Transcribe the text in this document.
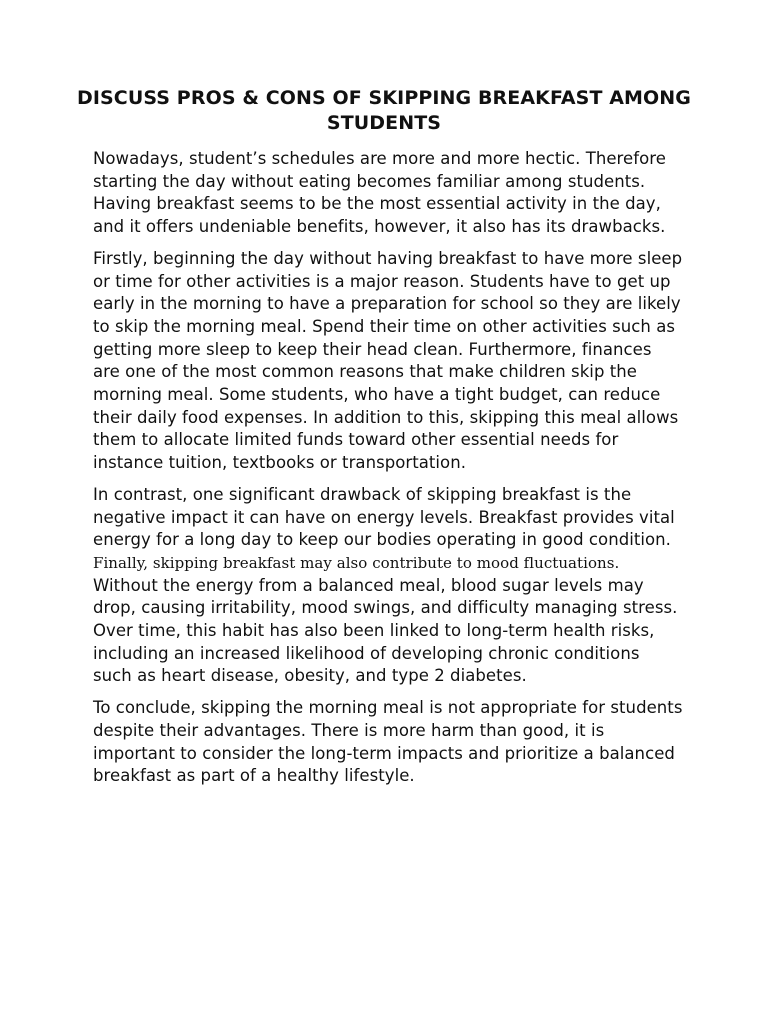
DISCUSS PROS & CONS OF SKIPPING BREAKFAST AMONG STUDENTS

Nowadays, student’s schedules are more and more hectic. Therefore starting the day without eating becomes familiar among students. Having breakfast seems to be the most essential activity in the day, and it offers undeniable benefits, however, it also has its drawbacks.

Firstly, beginning the day without having breakfast to have more sleep or time for other activities is a major reason. Students have to get up early in the morning to have a preparation for school so they are likely to skip the morning meal. Spend their time on other activities such as getting more sleep to keep their head clean. Furthermore, finances are one of the most common reasons that make children skip the morning meal. Some students, who have a tight budget, can reduce their daily food expenses. In addition to this, skipping this meal allows them to allocate limited funds toward other essential needs for instance tuition, textbooks or transportation.

In contrast, one significant drawback of skipping breakfast is the negative impact it can have on energy levels. Breakfast provides vital energy for a long day to keep our bodies operating in good condition. Finally, skipping breakfast may also contribute to mood fluctuations. Without the energy from a balanced meal, blood sugar levels may drop, causing irritability, mood swings, and difficulty managing stress. Over time, this habit has also been linked to long-term health risks, including an increased likelihood of developing chronic conditions such as heart disease, obesity, and type 2 diabetes.

To conclude, skipping the morning meal is not appropriate for students despite their advantages. There is more harm than good, it is important to consider the long-term impacts and prioritize a balanced breakfast as part of a healthy lifestyle.
